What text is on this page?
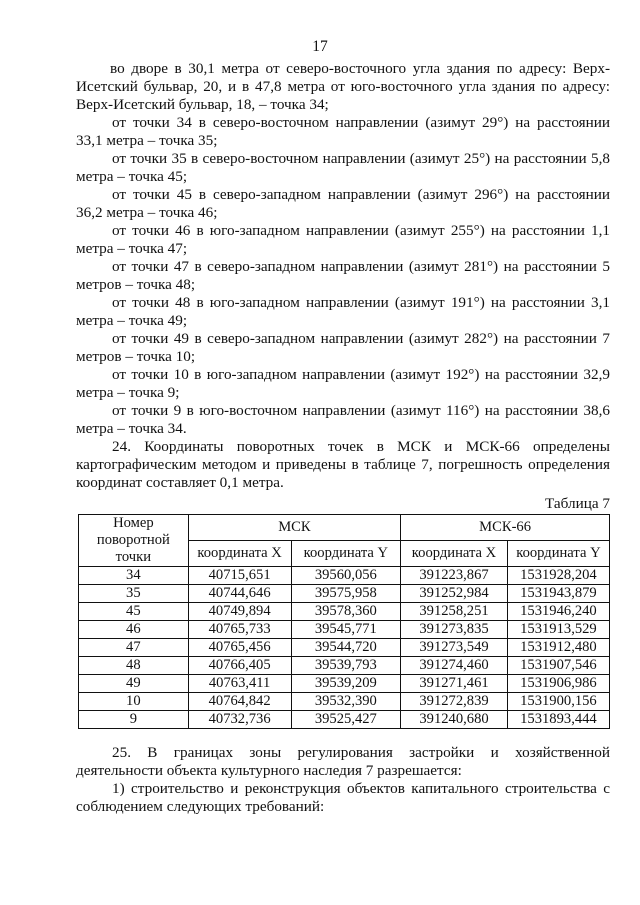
17

во дворе в 30,1 метра от северо-восточного угла здания по адресу: Верх-Исетский бульвар, 20, и в 47,8 метра от юго-восточного угла здания по адресу: Верх-Исетский бульвар, 18, – точка 34;

от точки 34 в северо-восточном направлении (азимут 29°) на расстоянии 33,1 метра – точка 35;

от точки 35 в северо-восточном направлении (азимут 25°) на расстоянии 5,8 метра – точка 45;

от точки 45 в северо-западном направлении (азимут 296°) на расстоянии 36,2 метра – точка 46;

от точки 46 в юго-западном направлении (азимут 255°) на расстоянии 1,1 метра – точка 47;

от точки 47 в северо-западном направлении (азимут 281°) на расстоянии 5 метров – точка 48;

от точки 48 в юго-западном направлении (азимут 191°) на расстоянии 3,1 метра – точка 49;

от точки 49 в северо-западном направлении (азимут 282°) на расстоянии 7 метров – точка 10;

от точки 10 в юго-западном направлении (азимут 192°) на расстоянии 32,9 метра – точка 9;

от точки 9 в юго-восточном направлении (азимут 116°) на расстоянии 38,6 метра – точка 34.

24. Координаты поворотных точек в МСК и МСК-66 определены картографическим методом и приведены в таблице 7, погрешность определения координат составляет 0,1 метра.

Таблица 7
Номер поворотной точки	МСК		МСК-66	
	координата X	координата Y	координата X	координата Y
34	40715,651	39560,056	391223,867	1531928,204
35	40744,646	39575,958	391252,984	1531943,879
45	40749,894	39578,360	391258,251	1531946,240
46	40765,733	39545,771	391273,835	1531913,529
47	40765,456	39544,720	391273,549	1531912,480
48	40766,405	39539,793	391274,460	1531907,546
49	40763,411	39539,209	391271,461	1531906,986
10	40764,842	39532,390	391272,839	1531900,156
9	40732,736	39525,427	391240,680	1531893,444

25. В границах зоны регулирования застройки и хозяйственной деятельности объекта культурного наследия 7 разрешается:

1) строительство и реконструкция объектов капитального строительства с соблюдением следующих требований:
